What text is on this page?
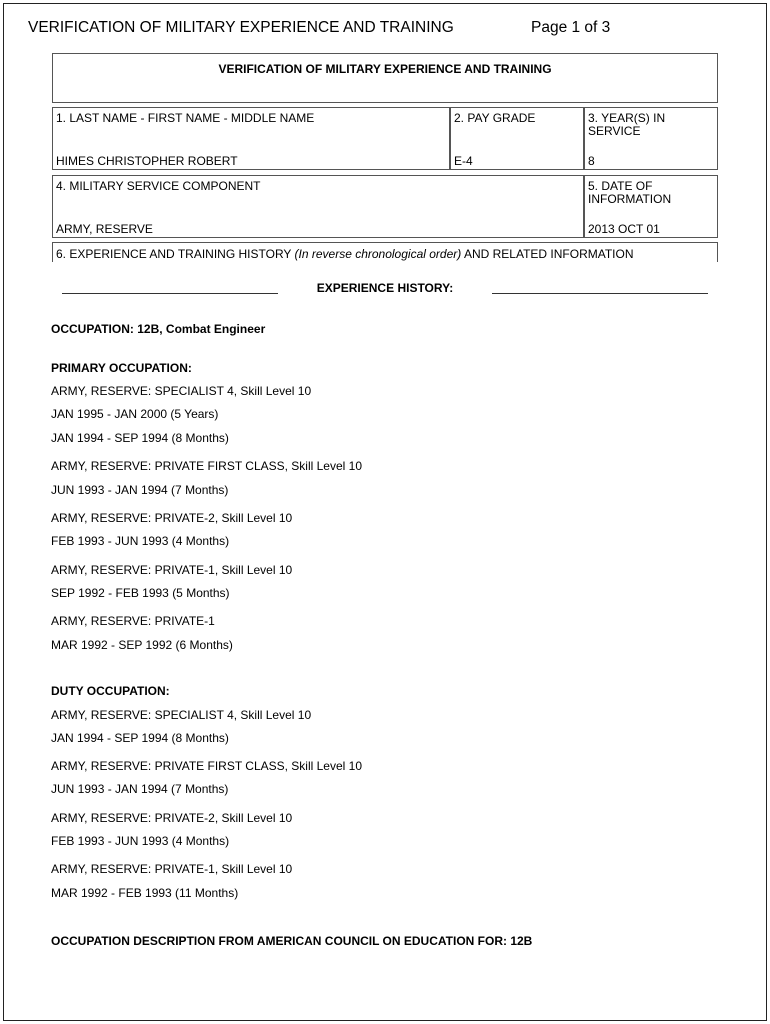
VERIFICATION OF MILITARY EXPERIENCE AND TRAINING	Page 1 of 3
VERIFICATION OF MILITARY EXPERIENCE AND TRAINING
1. LAST NAME - FIRST NAME - MIDDLE NAME
HIMES CHRISTOPHER ROBERT
2. PAY GRADE
E-4
3. YEAR(S) IN
SERVICE
8
4. MILITARY SERVICE COMPONENT
ARMY, RESERVE
5. DATE OF
INFORMATION
2013 OCT 01
6. EXPERIENCE AND TRAINING HISTORY (In reverse chronological order) AND RELATED INFORMATION
EXPERIENCE HISTORY:
OCCUPATION: 12B, Combat Engineer
PRIMARY OCCUPATION:
ARMY, RESERVE: SPECIALIST 4, Skill Level 10
JAN 1995 - JAN 2000 (5 Years)
JAN 1994 - SEP 1994 (8 Months)
ARMY, RESERVE: PRIVATE FIRST CLASS, Skill Level 10
JUN 1993 - JAN 1994 (7 Months)
ARMY, RESERVE: PRIVATE-2, Skill Level 10
FEB 1993 - JUN 1993 (4 Months)
ARMY, RESERVE: PRIVATE-1, Skill Level 10
SEP 1992 - FEB 1993 (5 Months)
ARMY, RESERVE: PRIVATE-1
MAR 1992 - SEP 1992 (6 Months)
DUTY OCCUPATION:
ARMY, RESERVE: SPECIALIST 4, Skill Level 10
JAN 1994 - SEP 1994 (8 Months)
ARMY, RESERVE: PRIVATE FIRST CLASS, Skill Level 10
JUN 1993 - JAN 1994 (7 Months)
ARMY, RESERVE: PRIVATE-2, Skill Level 10
FEB 1993 - JUN 1993 (4 Months)
ARMY, RESERVE: PRIVATE-1, Skill Level 10
MAR 1992 - FEB 1993 (11 Months)
OCCUPATION DESCRIPTION FROM AMERICAN COUNCIL ON EDUCATION FOR: 12B
